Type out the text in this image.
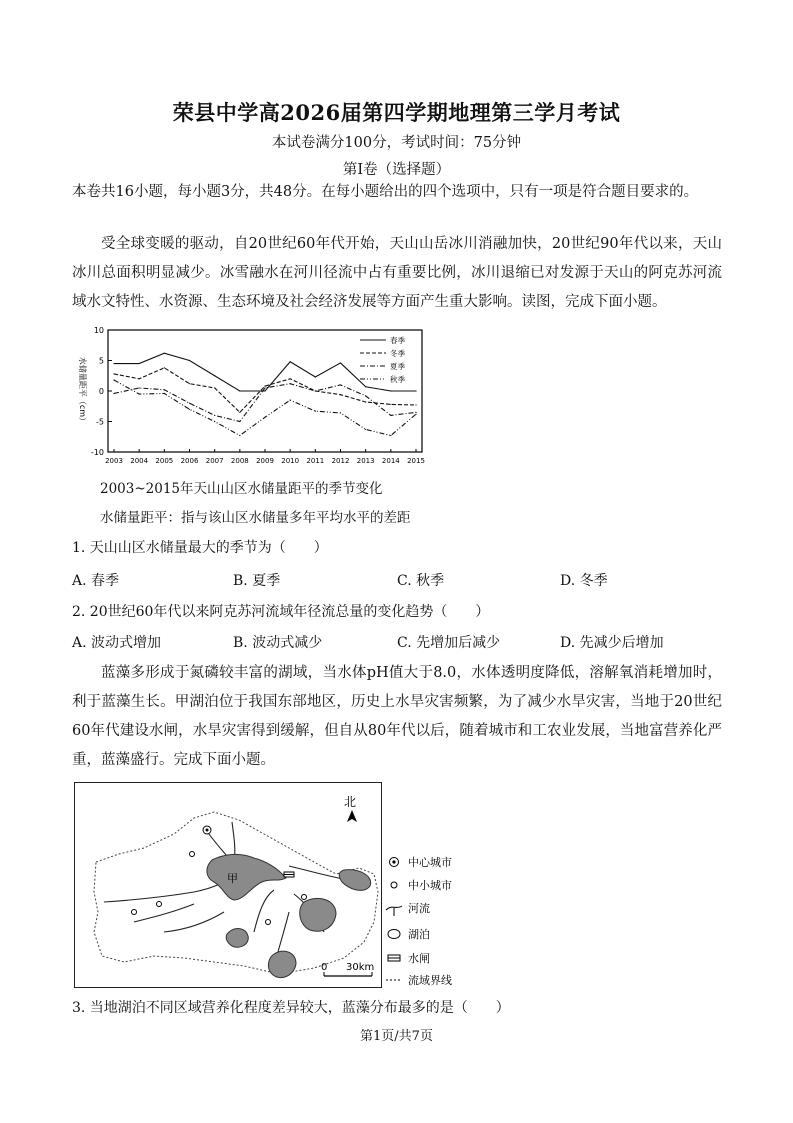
荣县中学高2026届第四学期地理第三学月考试
本试卷满分100分，考试时间：75分钟
第I卷（选择题）
本卷共16小题，每小题3分，共48分。在每小题给出的四个选项中，只有一项是符合题目要求的。
受全球变暖的驱动，自20世纪60年代开始，天山山岳冰川消融加快，20世纪90年代以来，天山冰川总面积明显减少。冰雪融水在河川径流中占有重要比例，冰川退缩已对发源于天山的阿克苏河流域水文特性、水资源、生态环境及社会经济发展等方面产生重大影响。读图，完成下面小题。
10
5
0
-5
-10
2003 2004 2005 2006 2007 2008 2009 2010 2011 2012 2013 2014 2015
水储量距平（cm）
春季
冬季
夏季
秋季
2003~2015年天山山区水储量距平的季节变化
水储量距平：指与该山区水储量多年平均水平的差距
1. 天山山区水储量最大的季节为（　　）
A. 春季	B. 夏季	C. 秋季	D. 冬季
2. 20世纪60年代以来阿克苏河流域年径流总量的变化趋势（　　）
A. 波动式增加	B. 波动式减少	C. 先增加后减少	D. 先减少后增加
蓝藻多形成于氮磷较丰富的湖域，当水体pH值大于8.0，水体透明度降低，溶解氧消耗增加时，利于蓝藻生长。甲湖泊位于我国东部地区，历史上水旱灾害频繁，为了减少水旱灾害，当地于20世纪60年代建设水闸，水旱灾害得到缓解，但自从80年代以后，随着城市和工农业发展，当地富营养化严重，蓝藻盛行。完成下面小题。
甲
北
0 30km
中心城市
中小城市
河流
湖泊
水闸
流域界线
3. 当地湖泊不同区域营养化程度差异较大，蓝藻分布最多的是（　　）
第1页/共7页
